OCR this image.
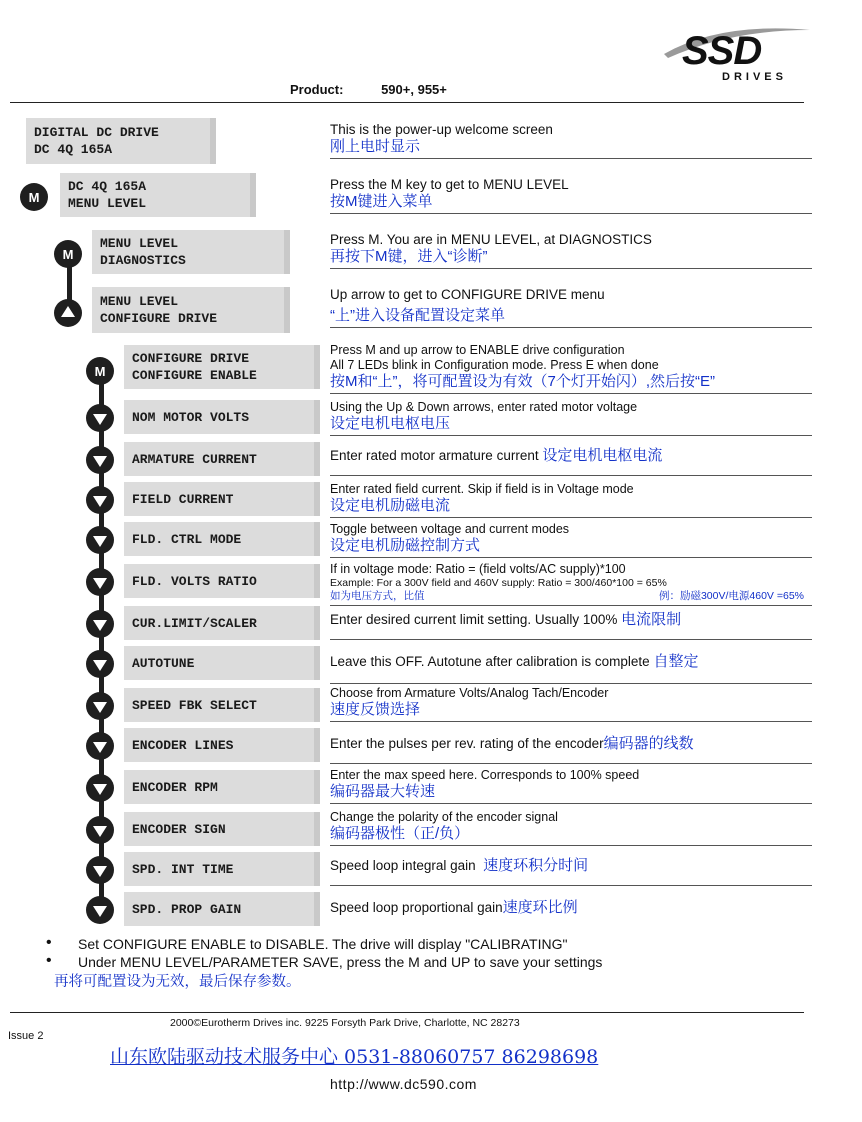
SSD
DRIVES
Product:	590+, 955+
DIGITAL DC DRIVE
DC 4Q 165A
This is the power-up welcome screen
刚上电时显示
M
DC 4Q 165A
MENU LEVEL
Press the M key to get to MENU LEVEL
按M键进入菜单
M
MENU LEVEL
DIAGNOSTICS
Press M. You are in MENU LEVEL, at DIAGNOSTICS
再按下M键，进入“诊断”
MENU LEVEL
CONFIGURE DRIVE
Up arrow to get to CONFIGURE DRIVE menu
“上”进入设备配置设定菜单
M
CONFIGURE DRIVE
CONFIGURE ENABLE
Press M and up arrow to ENABLE drive configuration
All 7 LEDs blink in Configuration mode. Press E when done
按M和“上”，将可配置设为有效（7个灯开始闪）,然后按“E”
NOM MOTOR VOLTS
Using the Up & Down arrows, enter rated motor voltage
设定电机电枢电压
ARMATURE CURRENT	Enter rated motor armature current 设定电机电枢电流
FIELD CURRENT
Enter rated field current. Skip if field is in Voltage mode
设定电机励磁电流
FLD. CTRL MODE
Toggle between voltage and current modes
设定电机励磁控制方式
FLD. VOLTS RATIO
If in voltage mode: Ratio = (field volts/AC supply)*100
Example: For a 300V field and 460V supply: Ratio = 300/460*100 = 65%
如为电压方式，比值	例：励磁300V/电源460V =65%
CUR.LIMIT/SCALER	Enter desired current limit setting. Usually 100% 电流限制
AUTOTUNE	Leave this OFF. Autotune after calibration is complete 自整定
SPEED FBK SELECT
Choose from Armature Volts/Analog Tach/Encoder
速度反馈选择
ENCODER LINES	Enter the pulses per rev. rating of the encoder编码器的线数
ENCODER RPM
Enter the max speed here. Corresponds to 100% speed
编码器最大转速
ENCODER SIGN
Change the polarity of the encoder signal
编码器极性（正/负）
SPD. INT TIME	Speed loop integral gain 速度环积分时间
SPD. PROP GAIN	Speed loop proportional gain速度环比例
• Set CONFIGURE ENABLE to DISABLE. The drive will display "CALIBRATING"
• Under MENU LEVEL/PARAMETER SAVE, press the M and UP to save your settings
再将可配置设为无效，最后保存参数。
2000©Eurotherm Drives inc. 9225 Forsyth Park Drive, Charlotte, NC 28273
Issue 2
山东欧陆驱动技术服务中心 0531-88060757 86298698
http://www.dc590.com
